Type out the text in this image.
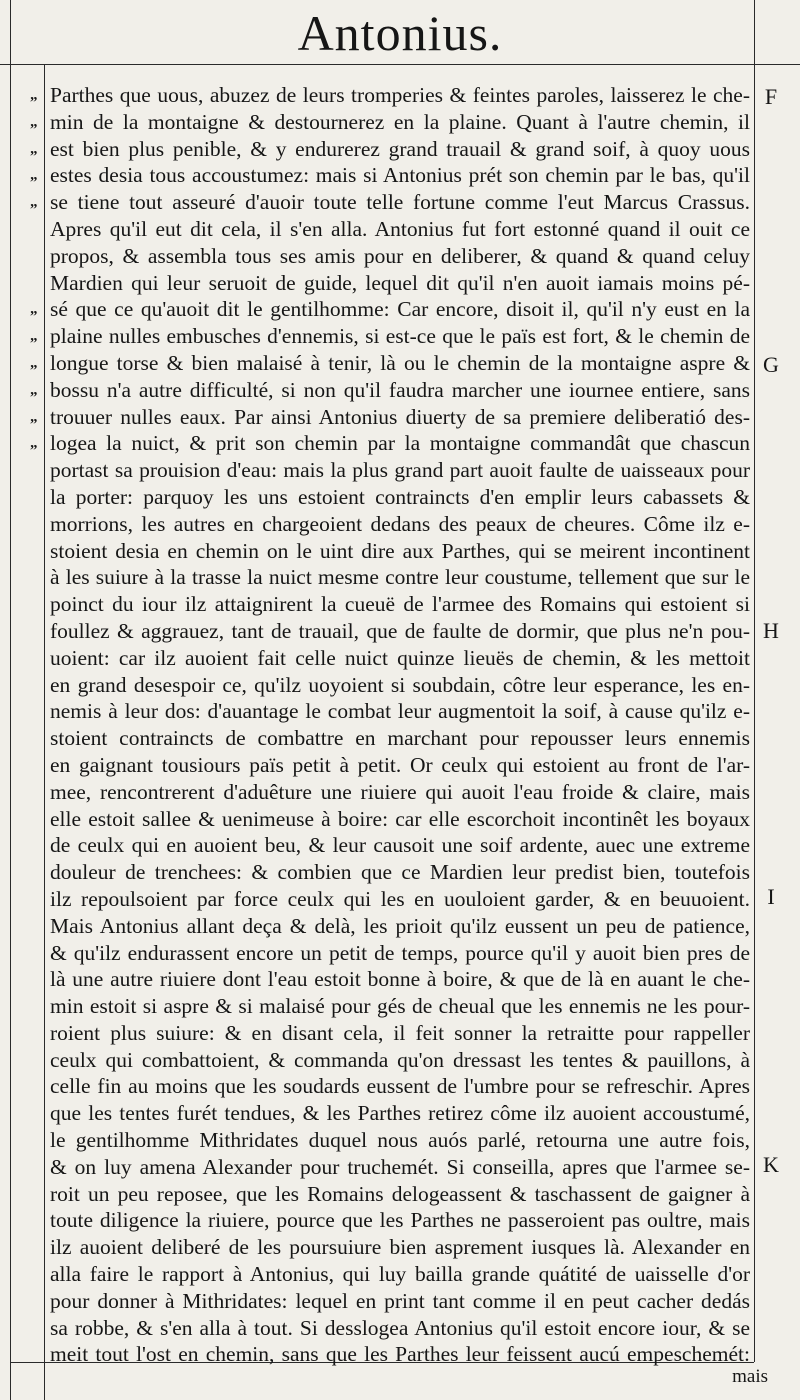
Antonius.
„
„
„
„
„
„
„
„
„
„
„
F
G
H
I
K
Parthes que uous, abuzez de leurs tromperies & feintes paroles, laisserez le che-
min de la montaigne & destournerez en la plaine. Quant à l'autre chemin, il
est bien plus penible, & y endurerez grand trauail & grand soif, à quoy uous
estes desia tous accoustumez: mais si Antonius prét son chemin par le bas, qu'il
se tiene tout asseuré d'auoir toute telle fortune comme l'eut Marcus Crassus.
Apres qu'il eut dit cela, il s'en alla. Antonius fut fort estonné quand il ouit ce
propos, & assembla tous ses amis pour en deliberer, & quand & quand celuy
Mardien qui leur seruoit de guide, lequel dit qu'il n'en auoit iamais moins pé-
sé que ce qu'auoit dit le gentilhomme: Car encore, disoit il, qu'il n'y eust en la
plaine nulles embusches d'ennemis, si est-ce que le païs est fort, & le chemin de
longue torse & bien malaisé à tenir, là ou le chemin de la montaigne aspre &
bossu n'a autre difficulté, si non qu'il faudra marcher une iournee entiere, sans
trouuer nulles eaux. Par ainsi Antonius diuerty de sa premiere deliberatió des-
logea la nuict, & prit son chemin par la montaigne commandât que chascun
portast sa prouision d'eau: mais la plus grand part auoit faulte de uaisseaux pour
la porter: parquoy les uns estoient contraincts d'en emplir leurs cabassets &
morrions, les autres en chargeoient dedans des peaux de cheures. Côme ilz e-
stoient desia en chemin on le uint dire aux Parthes, qui se meirent incontinent
à les suiure à la trasse la nuict mesme contre leur coustume, tellement que sur le
poinct du iour ilz attaignirent la cueuë de l'armee des Romains qui estoient si
foullez & aggrauez, tant de trauail, que de faulte de dormir, que plus ne'n pou-
uoient: car ilz auoient fait celle nuict quinze lieuës de chemin, & les mettoit
en grand desespoir ce, qu'ilz uoyoient si soubdain, côtre leur esperance, les en-
nemis à leur dos: d'auantage le combat leur augmentoit la soif, à cause qu'ilz e-
stoient contraincts de combattre en marchant pour repousser leurs ennemis
en gaignant tousiours païs petit à petit. Or ceulx qui estoient au front de l'ar-
mee, rencontrerent d'aduêture une riuiere qui auoit l'eau froide & claire, mais
elle estoit sallee & uenimeuse à boire: car elle escorchoit incontinêt les boyaux
de ceulx qui en auoient beu, & leur causoit une soif ardente, auec une extreme
douleur de trenchees: & combien que ce Mardien leur predist bien, toutefois
ilz repoulsoient par force ceulx qui les en uouloient garder, & en beuuoient.
Mais Antonius allant deça & delà, les prioit qu'ilz eussent un peu de patience,
& qu'ilz endurassent encore un petit de temps, pource qu'il y auoit bien pres de
là une autre riuiere dont l'eau estoit bonne à boire, & que de là en auant le che-
min estoit si aspre & si malaisé pour gés de cheual que les ennemis ne les pour-
roient plus suiure: & en disant cela, il feit sonner la retraitte pour rappeller
ceulx qui combattoient, & commanda qu'on dressast les tentes & pauillons, à
celle fin au moins que les soudards eussent de l'umbre pour se refreschir. Apres
que les tentes furét tendues, & les Parthes retirez côme ilz auoient accoustumé,
le gentilhomme Mithridates duquel nous auós parlé, retourna une autre fois,
& on luy amena Alexander pour truchemét. Si conseilla, apres que l'armee se-
roit un peu reposee, que les Romains delogeassent & taschassent de gaigner à
toute diligence la riuiere, pource que les Parthes ne passeroient pas oultre, mais
ilz auoient deliberé de les poursuiure bien asprement iusques là. Alexander en
alla faire le rapport à Antonius, qui luy bailla grande quátité de uaisselle d'or
pour donner à Mithridates: lequel en print tant comme il en peut cacher dedás
sa robbe, & s'en alla à tout. Si desslogea Antonius qu'il estoit encore iour, & se
meit tout l'ost en chemin, sans que les Parthes leur feissent aucú empeschemét:
mais
